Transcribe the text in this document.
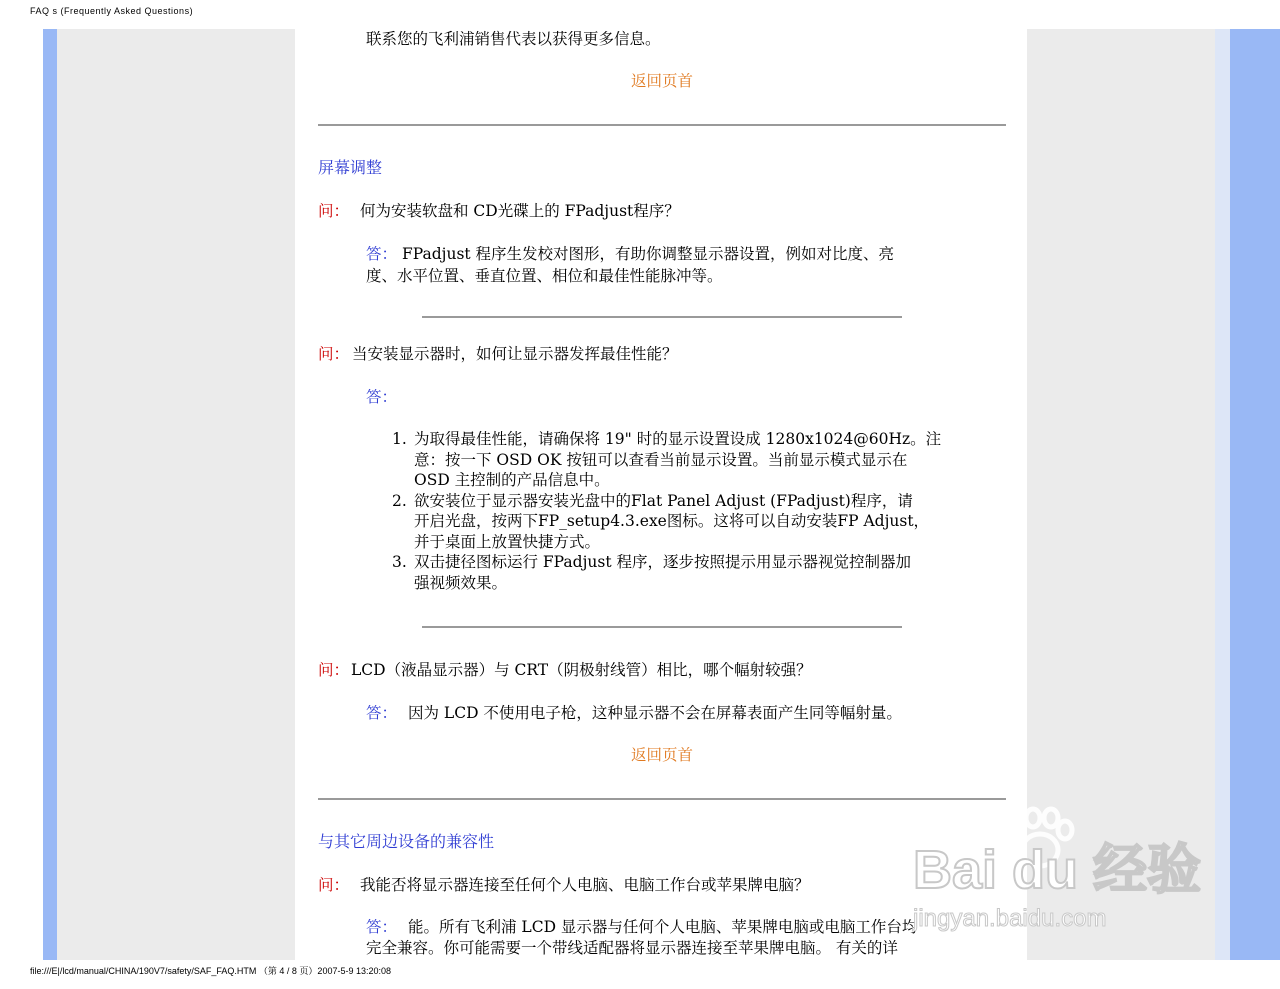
FAQ s (Frequently Asked Questions)
联系您的飞利浦销售代表以获得更多信息。
返回页首
屏幕调整
问： 何为安装软盘和 CD光碟上的 FPadjust程序？
答： FPadjust 程序生发校对图形，有助你调整显示器设置，例如对比度、亮
度、水平位置、垂直位置、相位和最佳性能脉冲等。
问： 当安装显示器时，如何让显示器发挥最佳性能？
答：
1. 为取得最佳性能，请确保将 19" 时的显示设置设成 1280x1024@60Hz。注
意：按一下 OSD OK 按钮可以查看当前显示设置。当前显示模式显示在
OSD 主控制的产品信息中。
2. 欲安装位于显示器安装光盘中的Flat Panel Adjust (FPadjust)程序，请
开启光盘，按两下FP_setup4.3.exe图标。这将可以自动安装FP Adjust，
并于桌面上放置快捷方式。
3. 双击捷径图标运行 FPadjust 程序，逐步按照提示用显示器视觉控制器加
强视频效果。
问： LCD（液晶显示器）与 CRT（阴极射线管）相比，哪个幅射较强？
答： 因为 LCD 不使用电子枪，这种显示器不会在屏幕表面产生同等幅射量。
返回页首
与其它周边设备的兼容性
问： 我能否将显示器连接至任何个人电脑、电脑工作台或苹果牌电脑？
答： 能。所有飞利浦 LCD 显示器与任何个人电脑、苹果牌电脑或电脑工作台均
完全兼容。你可能需要一个带线适配器将显示器连接至苹果牌电脑。 有关的详
Bai du 经验
jingyan.baidu.com
file:///E|/lcd/manual/CHINA/190V7/safety/SAF_FAQ.HTM （第 4 / 8 页）2007-5-9 13:20:08
